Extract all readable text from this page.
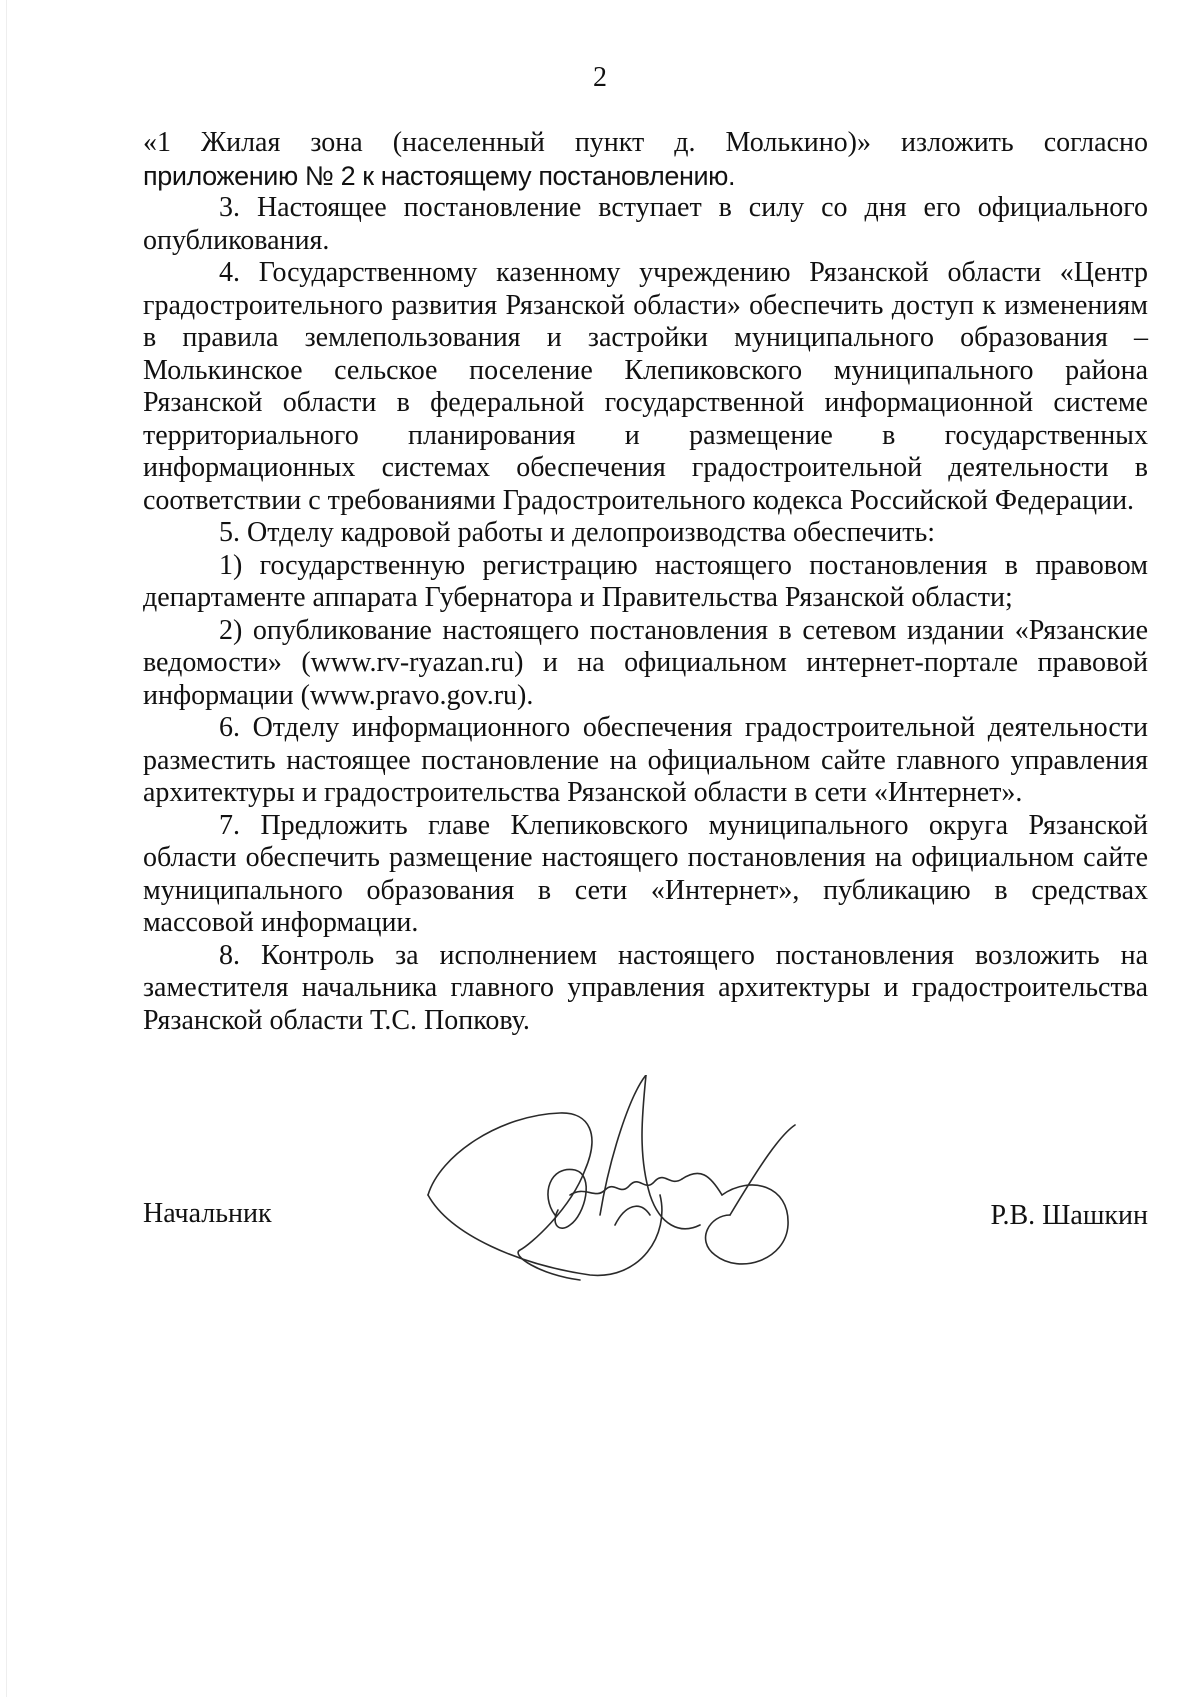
2

«1 Жилая зона (населенный пункт д. Молькино)» изложить согласно

приложению № 2 к настоящему постановлению.

3. Настоящее постановление вступает в силу со дня его официального опубликования.

4. Государственному казенному учреждению Рязанской области «Центр градостроительного развития Рязанской области» обеспечить доступ к изменениям в правила землепользования и застройки муниципального образования – Молькинское сельское поселение Клепиковского муниципального района Рязанской области в федеральной государственной информационной системе территориального планирования и размещение в государственных информационных системах обеспечения градостроительной деятельности в соответствии с требованиями Градостроительного кодекса Российской Федерации.

5. Отделу кадровой работы и делопроизводства обеспечить:

1) государственную регистрацию настоящего постановления в правовом департаменте аппарата Губернатора и Правительства Рязанской области;

2) опубликование настоящего постановления в сетевом издании «Рязанские ведомости» (www.rv-ryazan.ru) и на официальном интернет-портале правовой информации (www.pravo.gov.ru).

6. Отделу информационного обеспечения градостроительной деятельности разместить настоящее постановление на официальном сайте главного управления архитектуры и градостроительства Рязанской области в сети «Интернет».

7. Предложить главе Клепиковского муниципального округа Рязанской области обеспечить размещение настоящего постановления на официальном сайте муниципального образования в сети «Интернет», публикацию в средствах массовой информации.

8. Контроль за исполнением настоящего постановления возложить на заместителя начальника главного управления архитектуры и градостроительства Рязанской области Т.С. Попкову.

Начальник	Р.В. Шашкин
